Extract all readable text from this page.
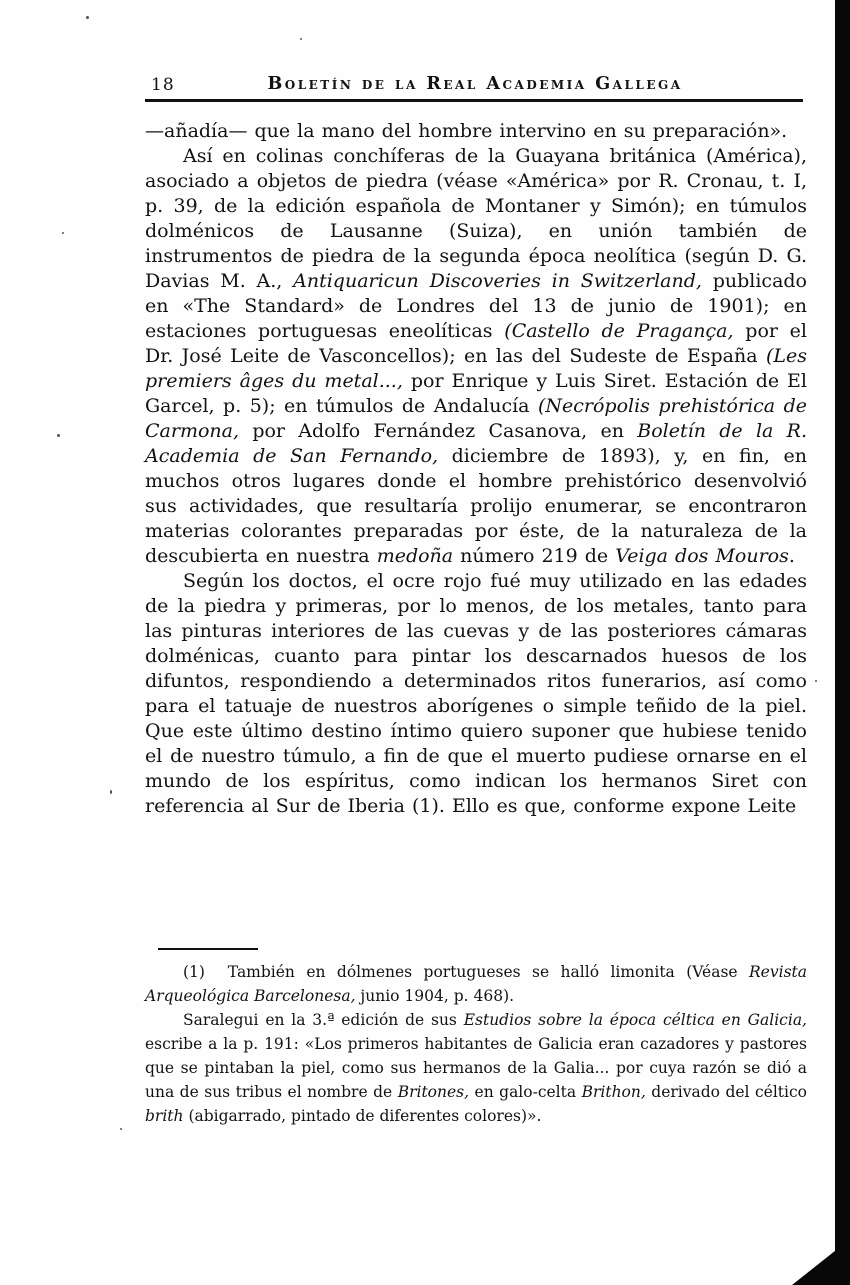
18	Boletín de la Real Academia Gallega

—añadía— que la mano del hombre intervino en su preparación».

Así en colinas conchíferas de la Guayana británica (América), asociado a objetos de piedra (véase «América» por R. Cronau, t. I, p. 39, de la edición española de Montaner y Simón); en túmulos dolménicos de Lausanne (Suiza), en unión también de instrumentos de piedra de la segunda época neolítica (según D. G. Davias M. A., Antiquaricun Discoveries in Switzerland, publicado en «The Standard» de Londres del 13 de junio de 1901); en estaciones portuguesas eneolíticas (Castello de Pragança, por el Dr. José Leite de Vasconcellos); en las del Sudeste de España (Les premiers âges du metal..., por Enrique y Luis Siret. Estación de El Garcel, p. 5); en túmulos de Andalucía (Necrópolis prehistórica de Carmona, por Adolfo Fernández Casanova, en Boletín de la R. Academia de San Fernando, diciembre de 1893), y, en fin, en muchos otros lugares donde el hombre prehistórico desenvolvió sus actividades, que resultaría prolijo enumerar, se encontraron materias colorantes preparadas por éste, de la naturaleza de la descubierta en nuestra medoña número 219 de Veiga dos Mouros.

Según los doctos, el ocre rojo fué muy utilizado en las edades de la piedra y primeras, por lo menos, de los metales, tanto para las pinturas interiores de las cuevas y de las posteriores cámaras dolménicas, cuanto para pintar los descarnados huesos de los difuntos, respondiendo a determinados ritos funerarios, así como para el tatuaje de nuestros aborígenes o simple teñido de la piel. Que este último destino íntimo quiero suponer que hubiese tenido el de nuestro túmulo, a fin de que el muerto pudiese ornarse en el mundo de los espíritus, como indican los hermanos Siret con referencia al Sur de Iberia (1). Ello es que, conforme expone Leite

(1)  También en dólmenes portugueses se halló limonita (Véase Revista Arqueológica Barcelonesa, junio 1904, p. 468).

Saralegui en la 3.ª edición de sus Estudios sobre la época céltica en Galicia, escribe a la p. 191: «Los primeros habitantes de Galicia eran cazadores y pastores que se pintaban la piel, como sus hermanos de la Galia... por cuya razón se dió a una de sus tribus el nombre de Britones, en galo-celta Brithon, derivado del céltico brith (abigarrado, pintado de diferentes colores)».
